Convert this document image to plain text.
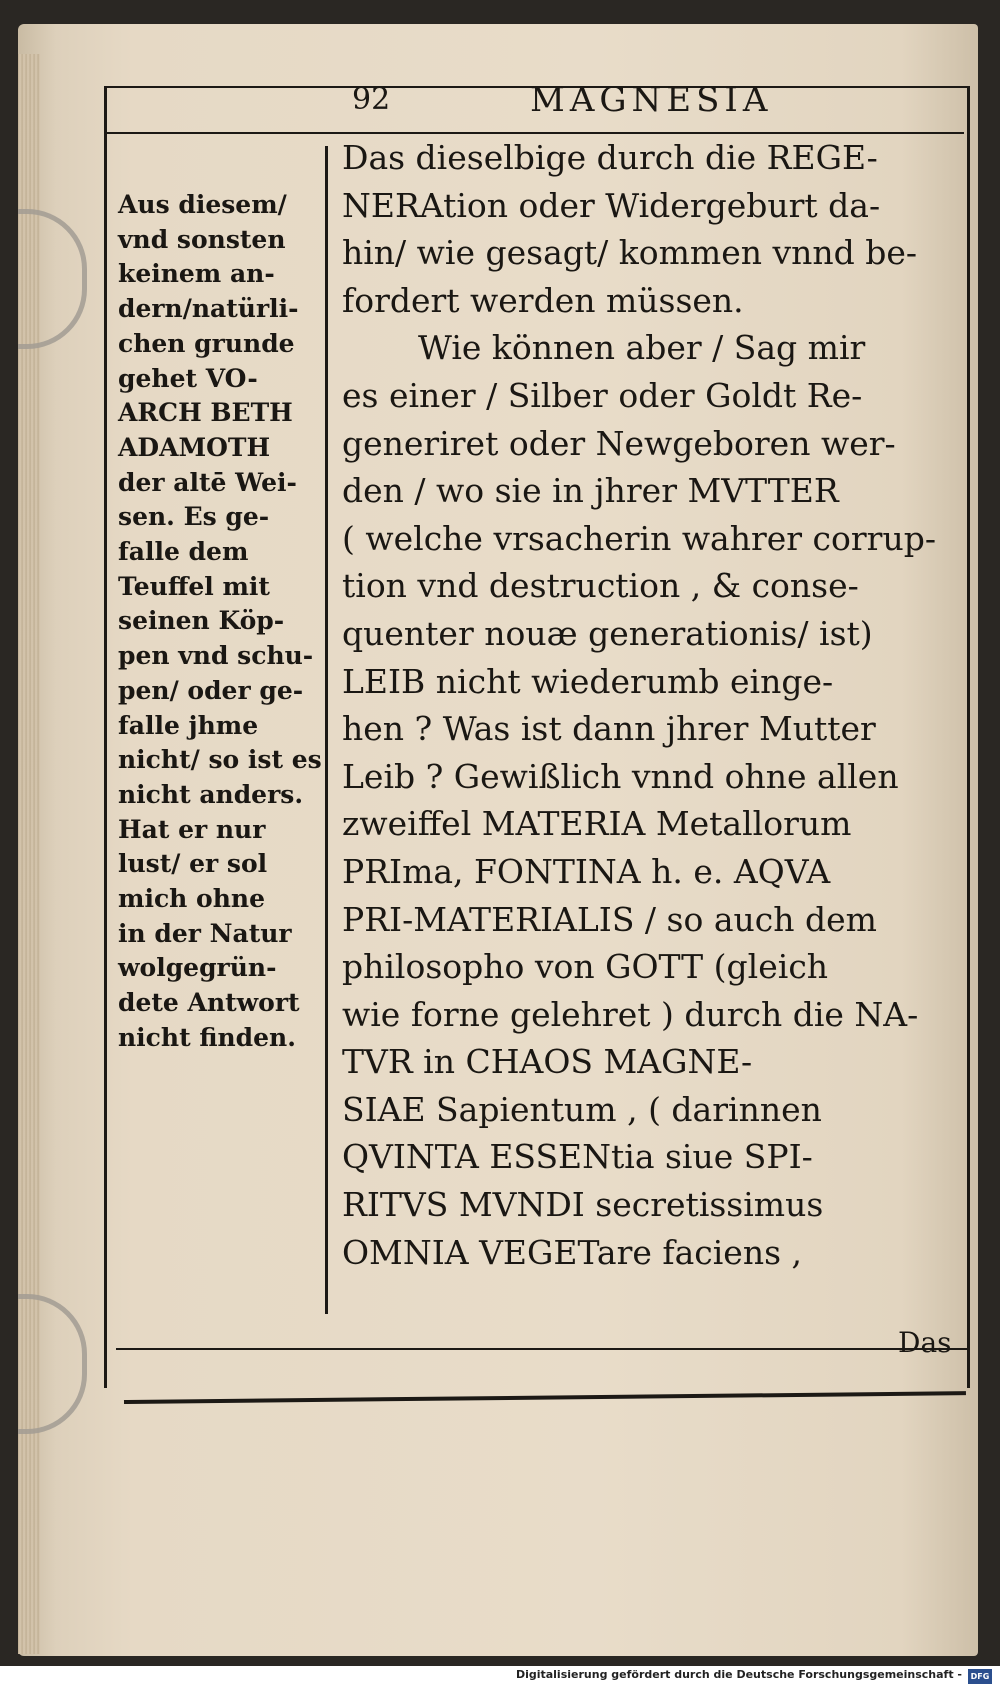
92	MAGNESIA
Aus diesem/
vnd sonsten
keinem an-
dern/natürli-
chen grunde
gehet VO-
ARCH BETH
ADAMOTH
der altē Wei-
sen. Es ge-
falle dem
Teuffel mit
seinen Köp-
pen vnd schu-
pen/ oder ge-
falle jhme
nicht/ so ist es
nicht anders.
Hat er nur
lust/ er sol
mich ohne
in der Natur
wolgegrün-
dete Antwort
nicht finden.
Das dieselbige durch die REGE-
NERAtion oder Widergeburt da-
hin/ wie gesagt/ kommen vnnd be-
fordert werden müssen.
Wie können aber / Sag mir
es einer / Silber oder Goldt Re-
generiret oder Newgeboren wer-
den / wo sie in jhrer MVTTER
( welche vrsacherin wahrer corrup-
tion vnd destruction , & conse-
quenter nouæ generationis/ ist)
LEIB nicht wiederumb einge-
hen ? Was ist dann jhrer Mutter
Leib ? Gewißlich vnnd ohne allen
zweiffel MATERIA Metallorum
PRIma, FONTINA h. e. AQVA
PRI-MATERIALIS / so auch dem
philosopho von GOTT (gleich
wie forne gelehret ) durch die NA-
TVR in CHAOS MAGNE-
SIAE Sapientum , ( darinnen
QVINTA ESSENtia siue SPI-
RITVS MVNDI secretissimus
OMNIA VEGETare faciens ,
Das
Digitalisierung gefördert durch die Deutsche Forschungsgemeinschaft -	DFG
